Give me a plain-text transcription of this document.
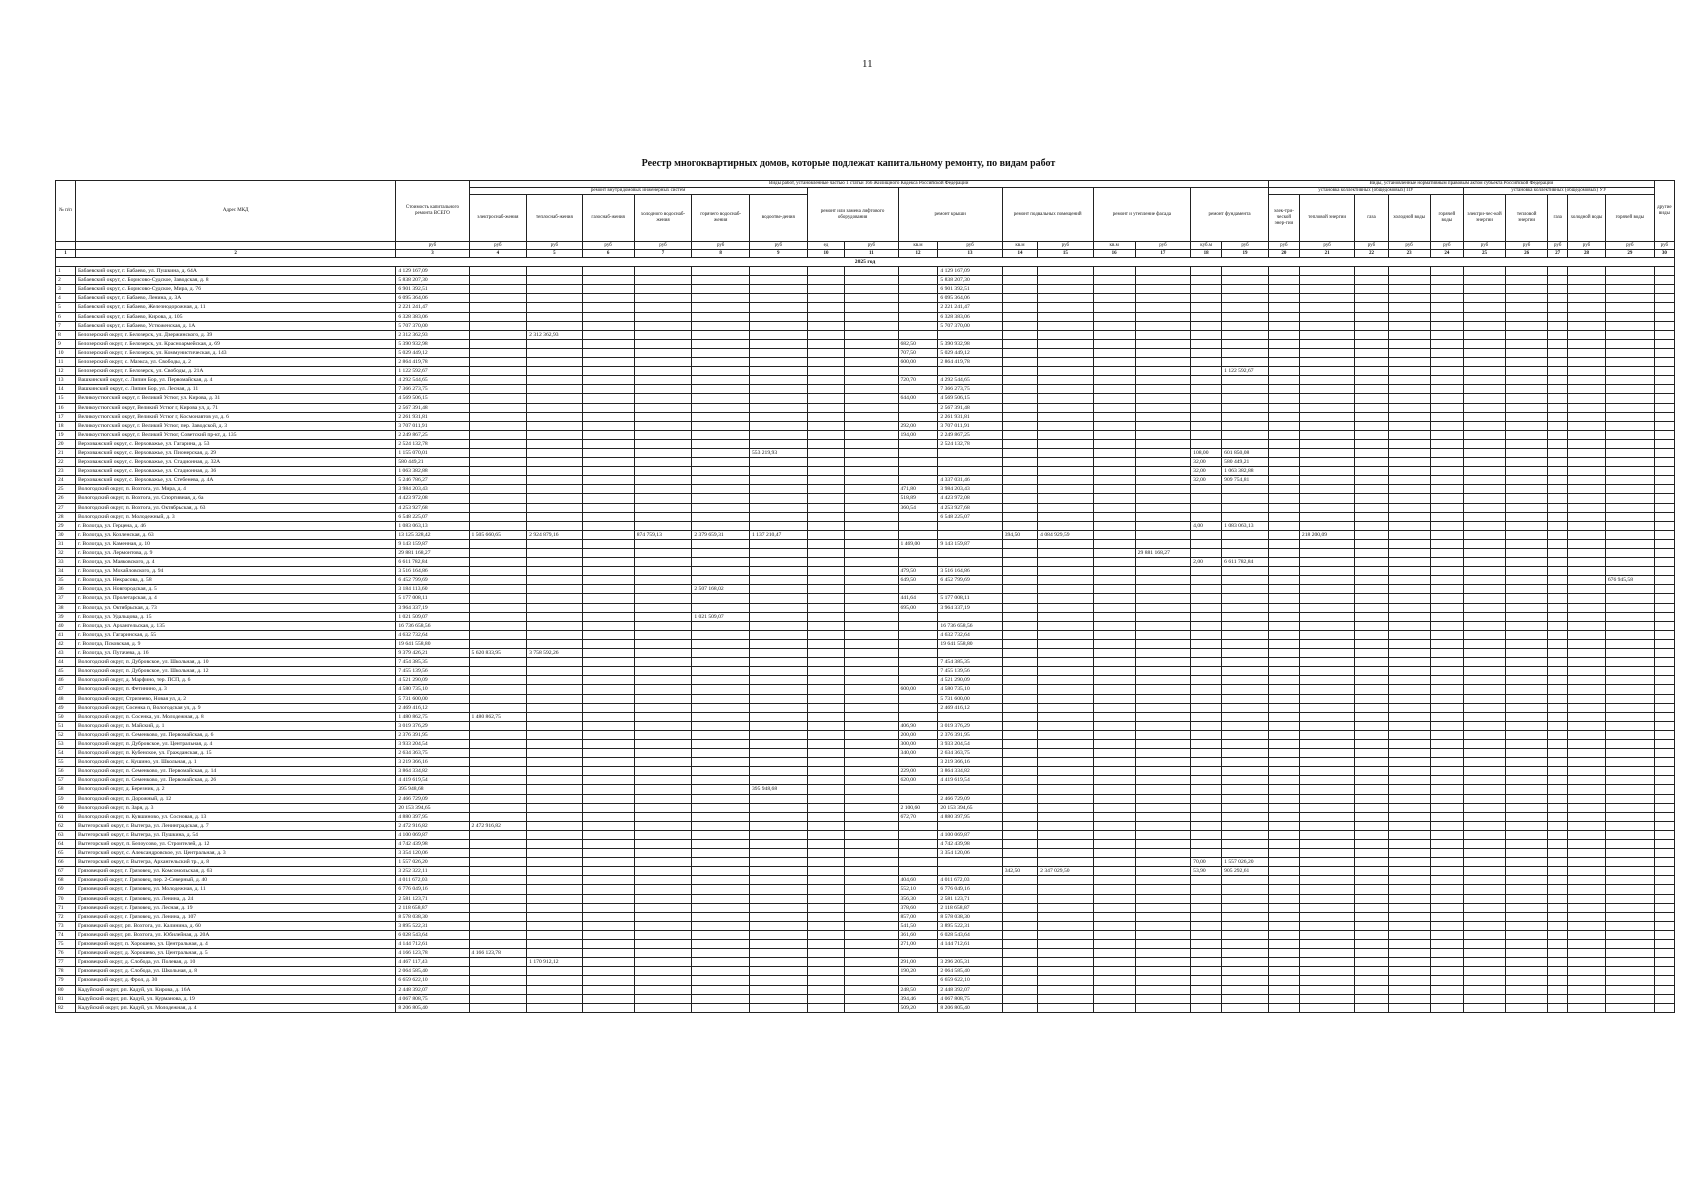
11
Реестр многоквартирных домов, которые подлежат капитальному ремонту, по видам работ
№ п/п	Адрес МКД	Стоимость капитального ремонта ВСЕГО	Виды работ, установленные частью 1 статьи 166 Жилищного Кодекса Российской Федерации																Виды, установленные нормативным правовым актом субъекта Российской Федерации										другие виды
			ремонт внутридомовых инженерных систем						ремонт или замена лифтового оборудования		ремонт крыши		ремонт подвальных помещений		ремонт и утепление фасада		ремонт фундамента		установка коллективных (общедомовых) ПУ					установка коллективных (общедомовых) УУ					
			электроснаб-жения	теплоснаб-жения	газоснаб-жения	холодного водоснаб-жения	горячего водоснаб-жения	водоотве-дения											элек-три-ческой энер-гии	тепловой энергии	газа	холодной воды	горячей воды	электри-чес-кой энергии	тепловой энергии	газа	холодной воды	горячей воды	
		руб	руб	руб	руб	руб	руб	руб	ед	руб	кв.м	руб	кв.м	руб	кв.м	руб	куб.м	руб	руб	руб	руб	руб	руб	руб	руб	руб	руб	руб	руб
1	2	3	4	5	6	7	8	9	10	11	12	13	14	15	16	17	18	19	20	21	22	23	24	25	26	27	28	29	30
2025 год																													
1	Бабаевский округ, г. Бабаево, ул. Пушкина, д. 64А	4 129 167,09										4 129 167,09																	
2	Бабаевский округ, с. Борисово-Судское, Заводская, д. 8	5 838 207,30										5 838 207,30																	
3	Бабаевский округ, с. Борисово-Судское, Мира, д. 76	6 901 392,51										6 901 392,51																	
4	Бабаевский округ, г. Бабаево, Ленина, д. 3А	6 095 364,06										6 095 364,06																	
5	Бабаевский округ, г. Бабаево, Железнодорожная, д. 11	2 221 241,47										2 221 241,47																	
6	Бабаевский округ, г. Бабаево, Кирова, д. 105	6 328 383,06										6 328 383,06																	
7	Бабаевский округ, г. Бабаево, Устюженская, д. 1А	5 707 370,00										5 707 370,00																	
8	Белозерский округ, г. Белозерск, ул. Дзержинского, д. 39	2 312 362,93		2 312 362,93																									
9	Белозерский округ, г. Белозерск, ул. Красноармейская, д. 69	5 390 932,98									682,50	5 390 932,98																	
10	Белозерский округ, г. Белозерск, ул. Коммунистическая, д. 143	5 029 449,12									707,50	5 029 449,12																	
11	Белозерский округ, с. Маэкса, ул. Свободы, д. 2	2 864 419,78									600,00	2 864 419,78																	
12	Белозерский округ, г. Белозерск, ул. Свободы, д. 21А	1 122 592,67																1 122 592,67											
13	Вашкинский округ, с. Липин Бор, ул. Первомайская, д. 4	4 292 544,65									720,70	4 292 544,65																	
14	Вашкинский округ, с. Липин Бор, ул. Лесная, д. 11	7 366 273,75										7 366 273,75																	
15	Великоустюгский округ, г. Великий Устюг, ул. Кирова, д. 31	4 569 506,15									644,00	4 569 506,15																	
16	Великоустюгский округ, Великий Устюг г, Кирова ул, д. 71	2 567 391,48										2 567 391,48																	
17	Великоустюгский округ, Великий Устюг г, Космонавтов ул, д. 6	2 261 931,81										2 261 931,81																	
18	Великоустюгский округ, г. Великий Устюг, пер. Заводской, д. 3	3 707 011,91									292,00	3 707 011,91																	
19	Великоустюгский округ, г. Великий Устюг, Советский пр-кт, д. 135	2 249 867,25									194,00	2 249 867,25																	
20	Верховажский округ, с. Верховажье, ул. Гагарина, д. 53	2 524 132,78										2 524 132,78																	
21	Верховажский округ, с. Верховажье, ул. Пионерская, д. 29	1 155 070,01						553 219,93									108,00	601 850,08											
22	Верховажский округ, с. Верховажье, ул. Стадионная, д. 32А	580 449,21															32,00	580 449,21											
23	Верховажский округ, с. Верховажье, ул. Стадионная, д. 36	1 063 382,88															32,00	1 063 382,88											
24	Верховажский округ, с. Верховажье, ул. Стебенева, д. 4А	5 246 786,27										4 337 031,46					32,00	909 754,81											
25	Вологодский округ, п. Вохтога, ул. Мира, д. 4	3 984 203,43									471,80	3 984 203,43																	
26	Вологодский округ, п. Вохтога, ул. Спортивная, д. 6а	4 423 972,08									518,89	4 423 972,08																	
27	Вологодский округ, п. Вохтога, ул. Октябрьская, д. 63	4 253 927,68									360,54	4 253 927,68																	
28	Вологодский округ, п. Молодежный, д. 3	6 548 225,07										6 548 225,07																	
29	г. Вологда, ул. Герцена, д. 46	1 083 063,13															4,00	1 083 063,13											
30	г. Вологда, ул. Козленская, д. 63	13 125 328,42	1 505 660,65	2 924 879,16		874 759,13	2 379 659,31	1 137 210,47					394,50	4 084 929,59						218 200,09									
31	г. Вологда, ул. Каменная, д. 10	9 143 159,87									1 469,00	9 143 159,87																	
32	г. Вологда, ул. Лермонтова, д. 9	29 881 168,27														29 881 168,27													
33	г. Вологда, ул. Маяковского, д. 4	6 611 782,84															2,00	6 611 782,84											
34	г. Вологда, ул. Мохайловского, д. 94	3 516 164,86									479,50	3 516 164,86																	
35	г. Вологда, ул. Некрасова, д. 58	6 452 799,69									649,50	6 452 799,69																676 945,58	
36	г. Вологда, ул. Новгородская, д. 5	3 184 113,60					2 507 168,02																						
37	г. Вологда, ул. Пролетарская, д. 4	5 177 008,11									441,64	5 177 008,11																	
38	г. Вологда, ул. Октябрьская, д. 73	3 964 337,19									695,00	3 964 337,19																	
39	г. Вологда, ул. Удальцова, д. 15	1 021 509,07					1 021 509,07																						
40	г. Вологда, ул. Архангельская, д. 135	16 736 658,56										16 736 658,56																	
41	г. Вологда, ул. Гагаринская, д. 55	4 632 732,64										4 632 732,64																	
42	г. Вологда, Псковская, д. 9	19 641 558,80										19 641 558,80																	
43	г. Вологда, ул. Пугачева, д. 16	9 379 426,21	5 620 833,95	3 758 592,26																									
44	Вологодский округ, п. Дубровское, ул. Школьная, д. 10	7 454 385,35										7 454 385,35																	
45	Вологодский округ, п. Дубровское, ул. Школьная, д. 12	7 455 139,56										7 455 139,56																	
46	Вологодский округ, д. Марфино, тер. ПСП, д. 6	4 521 290,09										4 521 290,09																	
47	Вологодский округ, п. Фетинино, д. 3	4 580 735,10									600,00	4 580 735,10																	
48	Вологодский округ, Стризнево, Новая ул, д. 2	5 731 600,00										5 731 600,00																	
49	Вологодский округ, Сосенка п, Вологодская ул, д. 9	2 469 416,12										2 469 416,12																	
50	Вологодский округ, п. Сосенка, ул. Молодежная, д. 8	1 480 862,75	1 480 862,75																										
51	Вологодский округ, п. Майский, д. 1	3 019 376,29									406,90	3 019 376,29																	
52	Вологодский округ, п. Семенково, ул. Первомайская, д. 6	2 376 391,95									200,00	2 376 391,95																	
53	Вологодский округ, п. Дубровское, ул. Центральная, д. 4	3 933 204,54									300,00	3 933 204,54																	
54	Вологодский округ, п. Кубенское, ул. Гражданская, д. 15	2 634 363,75									340,00	2 634 363,75																	
55	Вологодский округ, с. Кушино, ул. Школьная, д. 1	3 219 366,16										3 219 366,16																	
56	Вологодский округ, п. Семенково, ул. Первомайская, д. 14	3 864 334,82									229,00	3 864 334,82																	
57	Вологодский округ, п. Семенково, ул. Первомайская, д. 26	4 419 619,54									620,00	4 419 619,54																	
58	Вологодский округ, д. Березник, д. 2	395 948,68						395 948,68																					
59	Вологодский округ, п. Дорожный, д. 12	2 466 729,09										2 466 729,09																	
60	Вологодский округ, п. Заря, д. 3	20 153 394,65									2 100,60	20 153 394,65																	
61	Вологодский округ, п. Кувшиново, ул. Сосновая, д. 13	4 880 397,95									672,70	4 880 397,95																	
62	Вытегорский округ, г. Вытегра, ул. Ленинградская, д. 7	2 472 916,82	2 472 916,82																										
63	Вытегорский округ, г. Вытегра, ул. Пушкина, д. 54	4 100 069,87										4 100 069,87																	
64	Вытегорский округ, п. Белоусово, ул. Строителей, д. 12	4 742 439,98										4 742 439,98																	
65	Вытегорский округ, с. Александровское, ул. Центральная, д. 3	3 354 120,06										3 354 120,06																	
66	Вытегорский округ, г. Вытегра, Архангельский тр., д. 8	1 557 026,20															70,00	1 557 026,20											
67	Грязовецкий округ, г. Грязовец, ул. Комсомольская, д. 63	3 252 322,11											342,50	2 347 029,50			53,90	905 292,61											
68	Грязовецкий округ, г. Грязовец, пер. 2-Северный, д. 40	4 011 672,03									404,60	4 011 672,03																	
69	Грязовецкий округ, г. Грязовец, ул. Молодежная, д. 11	6 776 049,16									552,10	6 776 049,16																	
70	Грязовецкий округ, г. Грязовец, ул. Ленина, д. 24	2 581 123,71									356,30	2 581 123,71																	
71	Грязовецкий округ, г. Грязовец, ул. Лесная, д. 19	2 118 658,87									378,60	2 118 658,87																	
72	Грязовецкий округ, г. Грязовец, ул. Ленина, д. 107	8 578 038,30									857,00	8 578 038,30																	
73	Грязовецкий округ, рп. Вохтога, ул. Калинина, д. 60	3 895 522,31									541,50	3 895 522,31																	
74	Грязовецкий округ, рп. Вохтога, ул. Юбилейная, д. 20А	6 028 543,64									361,60	6 028 543,64																	
75	Грязовецкий округ, п. Хорошево, ул. Центральная, д. 4	4 144 712,61									271,00	4 144 712,61																	
76	Грязовецкий округ, д. Хорошево, ул. Центральная, д. 5	4 166 123,78	4 166 123,78																										
77	Грязовецкий округ, д. Слобода, ул. Полевая, д. 10	4 467 117,43		1 170 912,12							291,00	3 296 205,31																	
78	Грязовецкий округ, д. Слобода, ул. Школьная, д. 8	2 064 585,40									190,20	2 064 585,40																	
79	Грязовецкий округ, д. Фрол, д. 30	6 659 622,10										6 659 622,10																	
80	Кадуйский округ, рп. Кадуй, ул. Кирова, д. 16А	2 448 392,07									248,50	2 448 392,07																	
81	Кадуйский округ, рп. Кадуй, ул. Курманова, д. 19	4 067 808,75									394,46	4 067 808,75																	
82	Кадуйский округ, рп. Кадуй, ул. Молодежная, д. 4	8 206 805,40									509,20	8 206 805,40																	
